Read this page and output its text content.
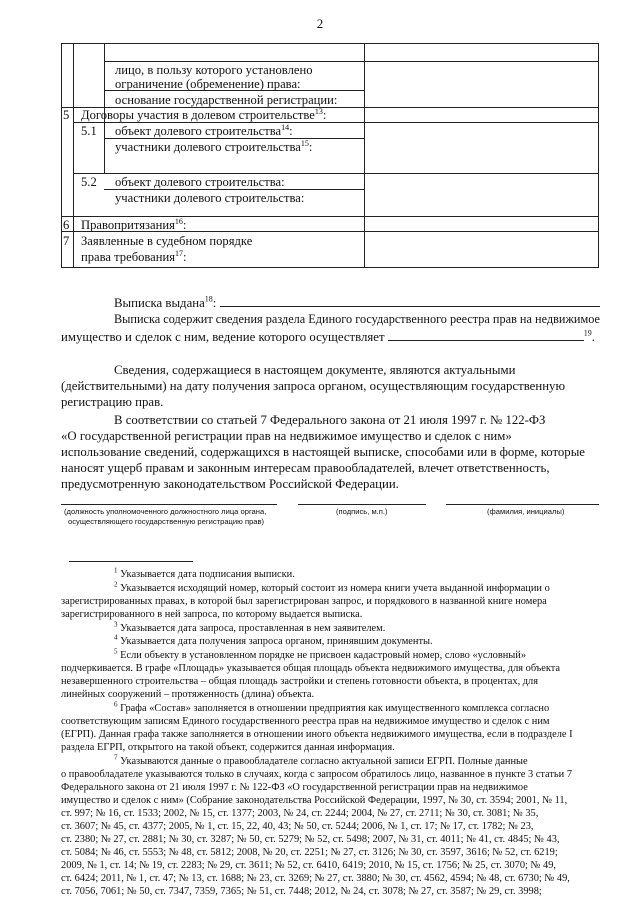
2
лицо, в пользу которого установлено
ограничение (обременение) права:
основание государственной регистрации:
5 Договоры участия в долевом строительстве$^{13}$:
5.1 объект долевого строительства$^{14}$:
участники долевого строительства$^{15}$:
5.2 объект долевого строительства:
участники долевого строительства:
6 Правопритязания$^{16}$:
7 Заявленные в судебном порядке
права требования$^{17}$:
Выписка выдана$^{18}$:
Выписка содержит сведения раздела Единого государственного реестра прав на недвижимое
имущество и сделок с ним, ведение которого осуществляет	$^{19}$.
Сведения, содержащиеся в настоящем документе, являются актуальными
(действительными) на дату получения запроса органом, осуществляющим государственную
регистрацию прав.
В соответствии со статьей 7 Федерального закона от 21 июля 1997 г. № 122-ФЗ
«О государственной регистрации прав на недвижимое имущество и сделок с ним»
использование сведений, содержащихся в настоящей выписке, способами или в форме, которые
наносят ущерб правам и законным интересам правообладателей, влечет ответственность,
предусмотренную законодательством Российской Федерации.
(должность уполномоченного должностного лица органа,
осуществляющего государственную регистрацию прав)
(подпись, м.п.)	(фамилия, инициалы)
$^1$ Указывается дата подписания выписки.
$^2$ Указывается исходящий номер, который состоит из номера книги учета выданной информации о
зарегистрированных правах, в которой был зарегистрирован запрос, и порядкового в названной книге номера
зарегистрированного в ней запроса, по которому выдается выписка.
$^3$ Указывается дата запроса, проставленная в нем заявителем.
$^4$ Указывается дата получения запроса органом, принявшим документы.
$^5$ Если объекту в установленном порядке не присвоен кадастровый номер, слово «условный»
подчеркивается. В графе «Площадь» указывается общая площадь объекта недвижимого имущества, для объекта
незавершенного строительства – общая площадь застройки и степень готовности объекта, в процентах, для
линейных сооружений – протяженность (длина) объекта.
$^6$ Графа «Состав» заполняется в отношении предприятия как имущественного комплекса согласно
соответствующим записям Единого государственного реестра прав на недвижимое имущество и сделок с ним
(ЕГРП). Данная графа также заполняется в отношении иного объекта недвижимого имущества, если в подразделе I
раздела ЕГРП, открытого на такой объект, содержится данная информация.
$^7$ Указываются данные о правообладателе согласно актуальной записи ЕГРП. Полные данные
о правообладателе указываются только в случаях, когда с запросом обратилось лицо, названное в пункте 3 статьи 7
Федерального закона от 21 июля 1997 г. № 122-ФЗ «О государственной регистрации прав на недвижимое
имущество и сделок с ним» (Собрание законодательства Российской Федерации, 1997, № 30, ст. 3594; 2001, № 11,
ст. 997; № 16, ст. 1533; 2002, № 15, ст. 1377; 2003, № 24, ст. 2244; 2004, № 27, ст. 2711; № 30, ст. 3081; № 35,
ст. 3607; № 45, ст. 4377; 2005, № 1, ст. 15, 22, 40, 43; № 50, ст. 5244; 2006, № 1, ст. 17; № 17, ст. 1782; № 23,
ст. 2380; № 27, ст. 2881; № 30, ст. 3287; № 50, ст. 5279; № 52, ст. 5498; 2007, № 31, ст. 4011; № 41, ст. 4845; № 43,
ст. 5084; № 46, ст. 5553; № 48, ст. 5812; 2008, № 20, ст. 2251; № 27, ст. 3126; № 30, ст. 3597, 3616; № 52, ст. 6219;
2009, № 1, ст. 14; № 19, ст. 2283; № 29, ст. 3611; № 52, ст. 6410, 6419; 2010, № 15, ст. 1756; № 25, ст. 3070; № 49,
ст. 6424; 2011, № 1, ст. 47; № 13, ст. 1688; № 23, ст. 3269; № 27, ст. 3880; № 30, ст. 4562, 4594; № 48, ст. 6730; № 49,
ст. 7056, 7061; № 50, ст. 7347, 7359, 7365; № 51, ст. 7448; 2012, № 24, ст. 3078; № 27, ст. 3587; № 29, ст. 3998;
